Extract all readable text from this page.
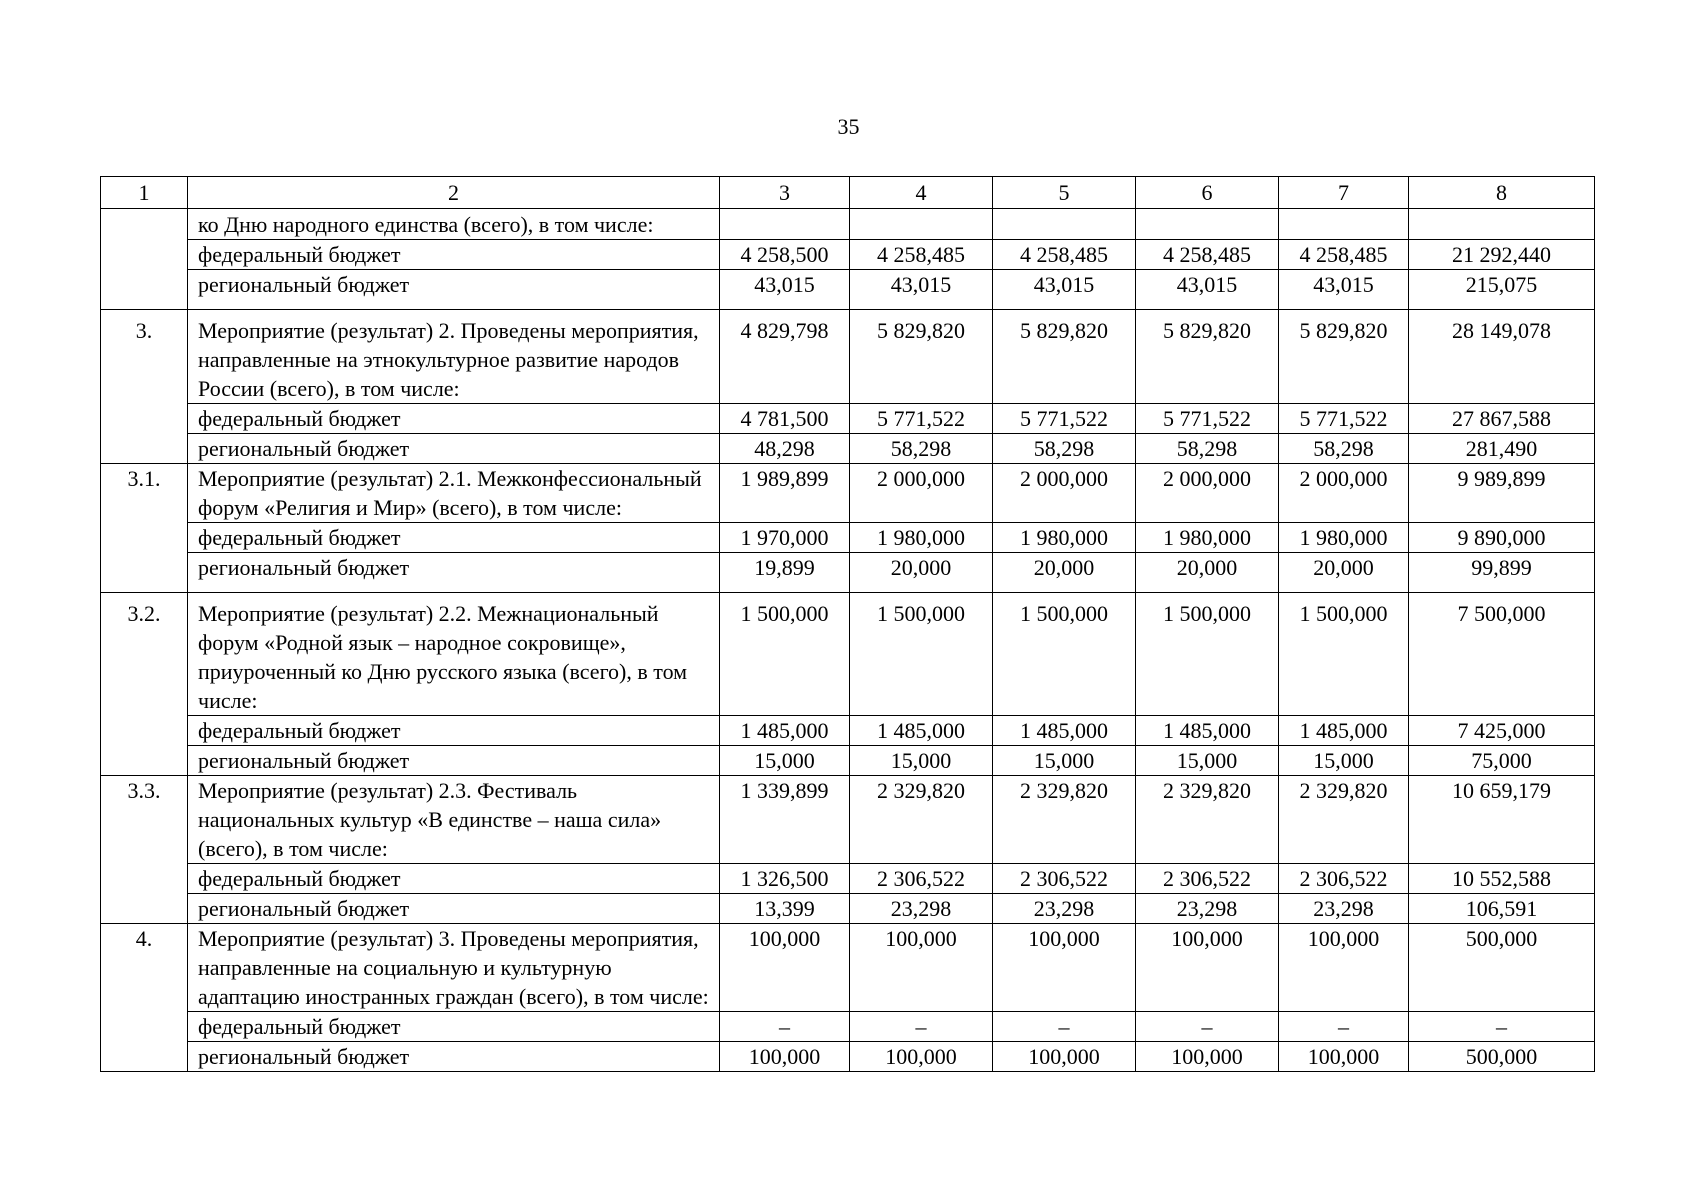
35
1	2	3	4	5	6	7	8
	ко Дню народного единства (всего), в том числе:						
	федеральный бюджет	4 258,500	4 258,485	4 258,485	4 258,485	4 258,485	21 292,440
	региональный бюджет	43,015	43,015	43,015	43,015	43,015	215,075
3.	Мероприятие (результат) 2. Проведены мероприятия, направленные на этнокультурное развитие народов России (всего), в том числе:	4 829,798	5 829,820	5 829,820	5 829,820	5 829,820	28 149,078
	федеральный бюджет	4 781,500	5 771,522	5 771,522	5 771,522	5 771,522	27 867,588
	региональный бюджет	48,298	58,298	58,298	58,298	58,298	281,490
3.1.	Мероприятие (результат) 2.1. Межконфессиональный форум «Религия и Мир» (всего), в том числе:	1 989,899	2 000,000	2 000,000	2 000,000	2 000,000	9 989,899
	федеральный бюджет	1 970,000	1 980,000	1 980,000	1 980,000	1 980,000	9 890,000
	региональный бюджет	19,899	20,000	20,000	20,000	20,000	99,899
3.2.	Мероприятие (результат) 2.2. Межнациональный форум «Родной язык – народное сокровище», приуроченный ко Дню русского языка (всего), в том числе:	1 500,000	1 500,000	1 500,000	1 500,000	1 500,000	7 500,000
	федеральный бюджет	1 485,000	1 485,000	1 485,000	1 485,000	1 485,000	7 425,000
	региональный бюджет	15,000	15,000	15,000	15,000	15,000	75,000
3.3.	Мероприятие (результат) 2.3. Фестиваль национальных культур «В единстве – наша сила» (всего), в том числе:	1 339,899	2 329,820	2 329,820	2 329,820	2 329,820	10 659,179
	федеральный бюджет	1 326,500	2 306,522	2 306,522	2 306,522	2 306,522	10 552,588
	региональный бюджет	13,399	23,298	23,298	23,298	23,298	106,591
4.	Мероприятие (результат) 3. Проведены мероприятия, направленные на социальную и культурную адаптацию иностранных граждан (всего), в том числе:	100,000	100,000	100,000	100,000	100,000	500,000
	федеральный бюджет	–	–	–	–	–	–
	региональный бюджет	100,000	100,000	100,000	100,000	100,000	500,000
